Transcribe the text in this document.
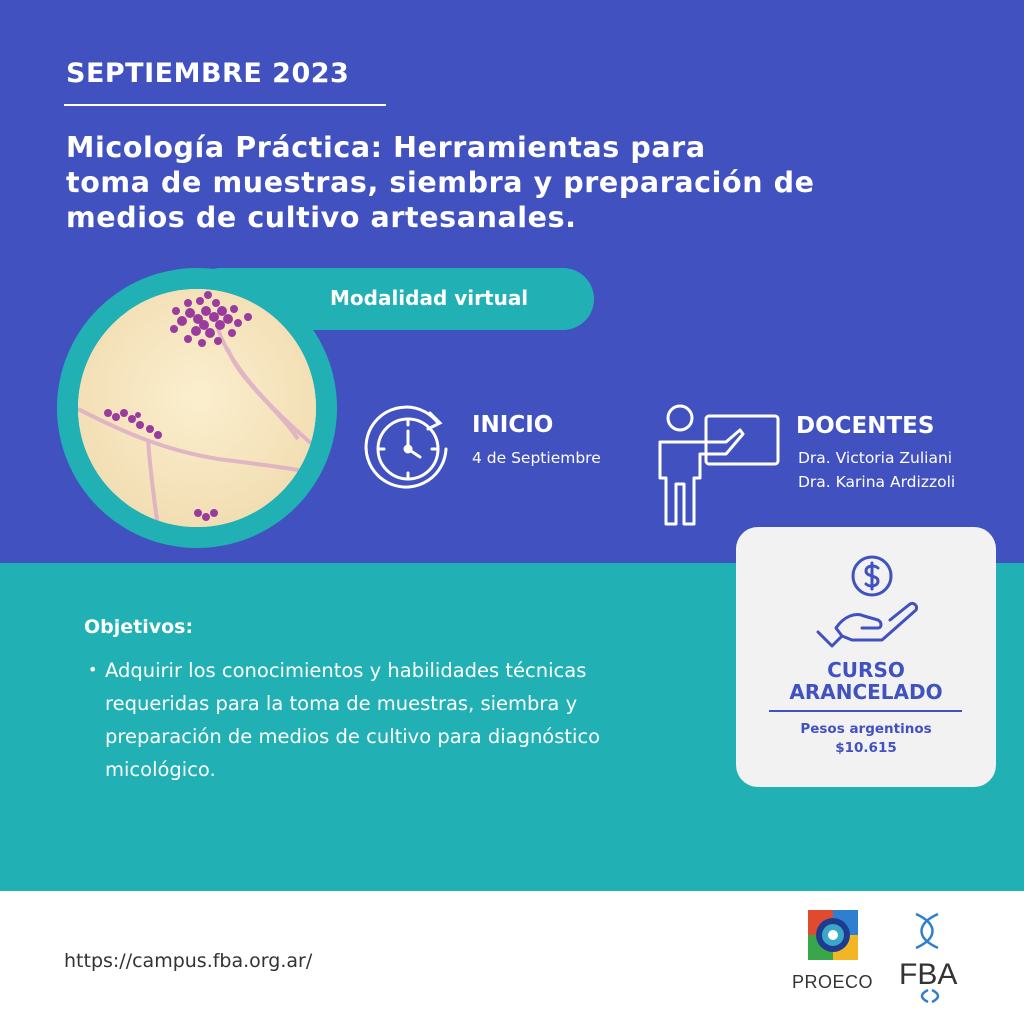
SEPTIEMBRE 2023
Micología Práctica: Herramientas para
toma de muestras, siembra y preparación de
medios de cultivo artesanales.
Modalidad virtual
INICIO
4 de Septiembre
DOCENTES
Dra. Victoria Zuliani
Dra. Karina Ardizzoli
CURSO
ARANCELADO
Pesos argentinos
$10.615
Objetivos:
• Adquirir los conocimientos y habilidades técnicas
requeridas para la toma de muestras, siembra y
preparación de medios de cultivo para diagnóstico
micológico.
https://campus.fba.org.ar/
PROECO FBA
